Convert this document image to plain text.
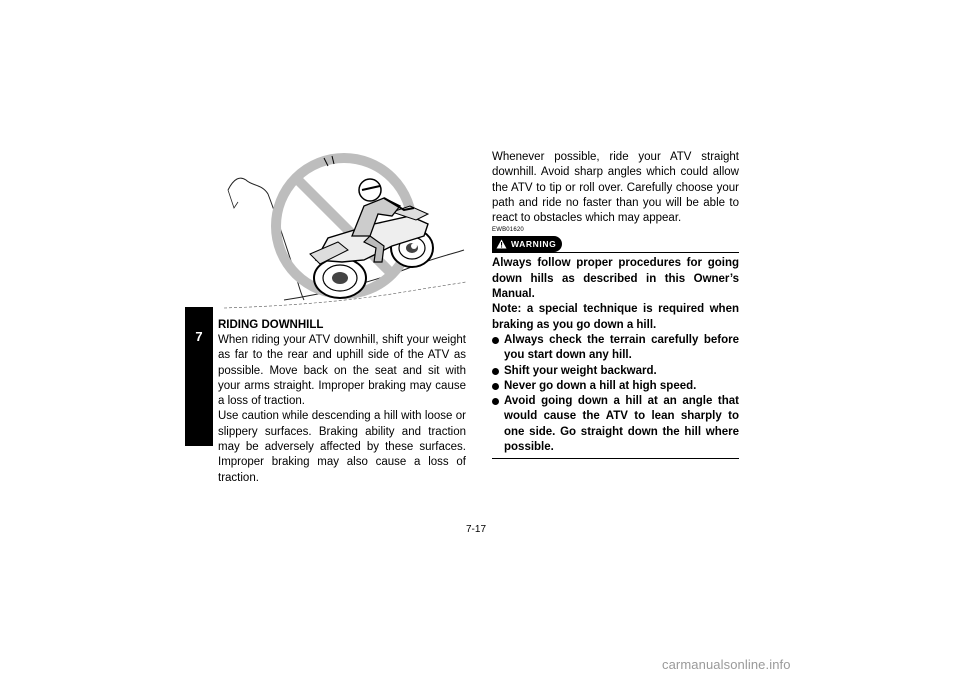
7

RIDING DOWNHILL

When riding your ATV downhill, shift your weight as far to the rear and uphill side of the ATV as possible. Move back on the seat and sit with your arms straight. Improper braking may cause a loss of traction.

Use caution while descending a hill with loose or slippery surfaces. Braking ability and traction may be adversely affected by these surfaces. Improper braking may also cause a loss of traction.

Whenever possible, ride your ATV straight downhill. Avoid sharp angles which could allow the ATV to tip or roll over. Carefully choose your path and ride no faster than you will be able to react to obstacles which may appear.

EWB01620
WARNING

Always follow proper procedures for going down hills as described in this Owner’s Manual.

Note: a special technique is required when braking as you go down a hill.

Always check the terrain carefully before you start down any hill.
Shift your weight backward.
Never go down a hill at high speed.
Avoid going down a hill at an angle that would cause the ATV to lean sharply to one side. Go straight down the hill where possible.
7-17
carmanualsonline.info
